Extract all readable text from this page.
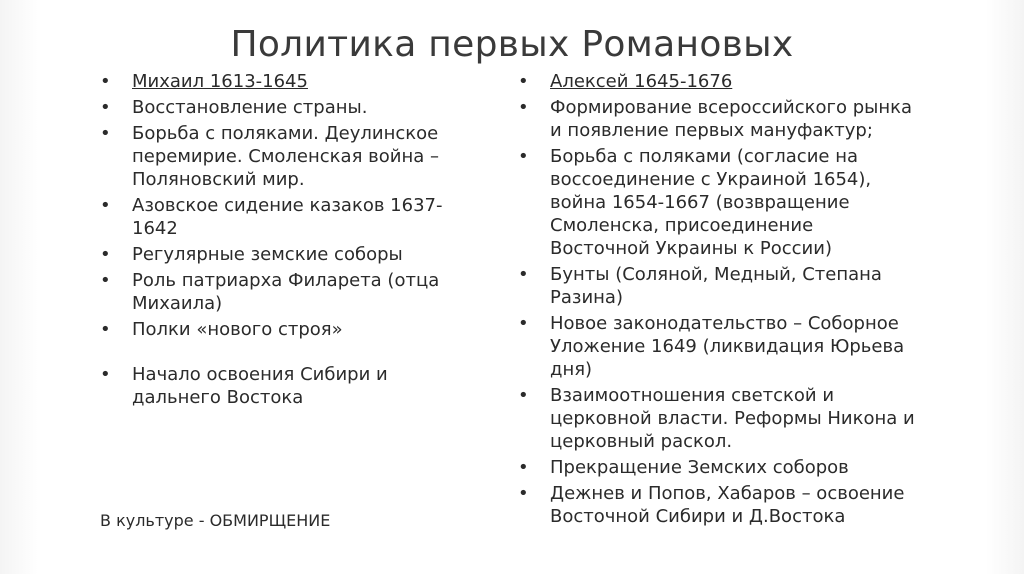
Политика первых Романовых
• Михаил 1613-1645
• Восстановление страны.
• Борьба с поляками. Деулинское перемирие. Смоленская война – Поляновский мир.
• Азовское сидение казаков 1637-1642
• Регулярные земские соборы
• Роль патриарха Филарета (отца Михаила)
• Полки «нового строя»
• Начало освоения Сибири и дальнего Востока
• Алексей 1645-1676
• Формирование всероссийского рынка и появление первых мануфактур;
• Борьба с поляками (согласие на воссоединение с Украиной 1654), война 1654-1667 (возвращение Смоленска, присоединение Восточной Украины к России)
• Бунты (Соляной, Медный, Степана Разина)
• Новое законодательство – Соборное Уложение 1649 (ликвидация Юрьева дня)
• Взаимоотношения светской и церковной власти. Реформы Никона и церковный раскол.
• Прекращение Земских соборов
• Дежнев и Попов, Хабаров – освоение Восточной Сибири и Д.Востока
В культуре - ОБМИРЩЕНИЕ
